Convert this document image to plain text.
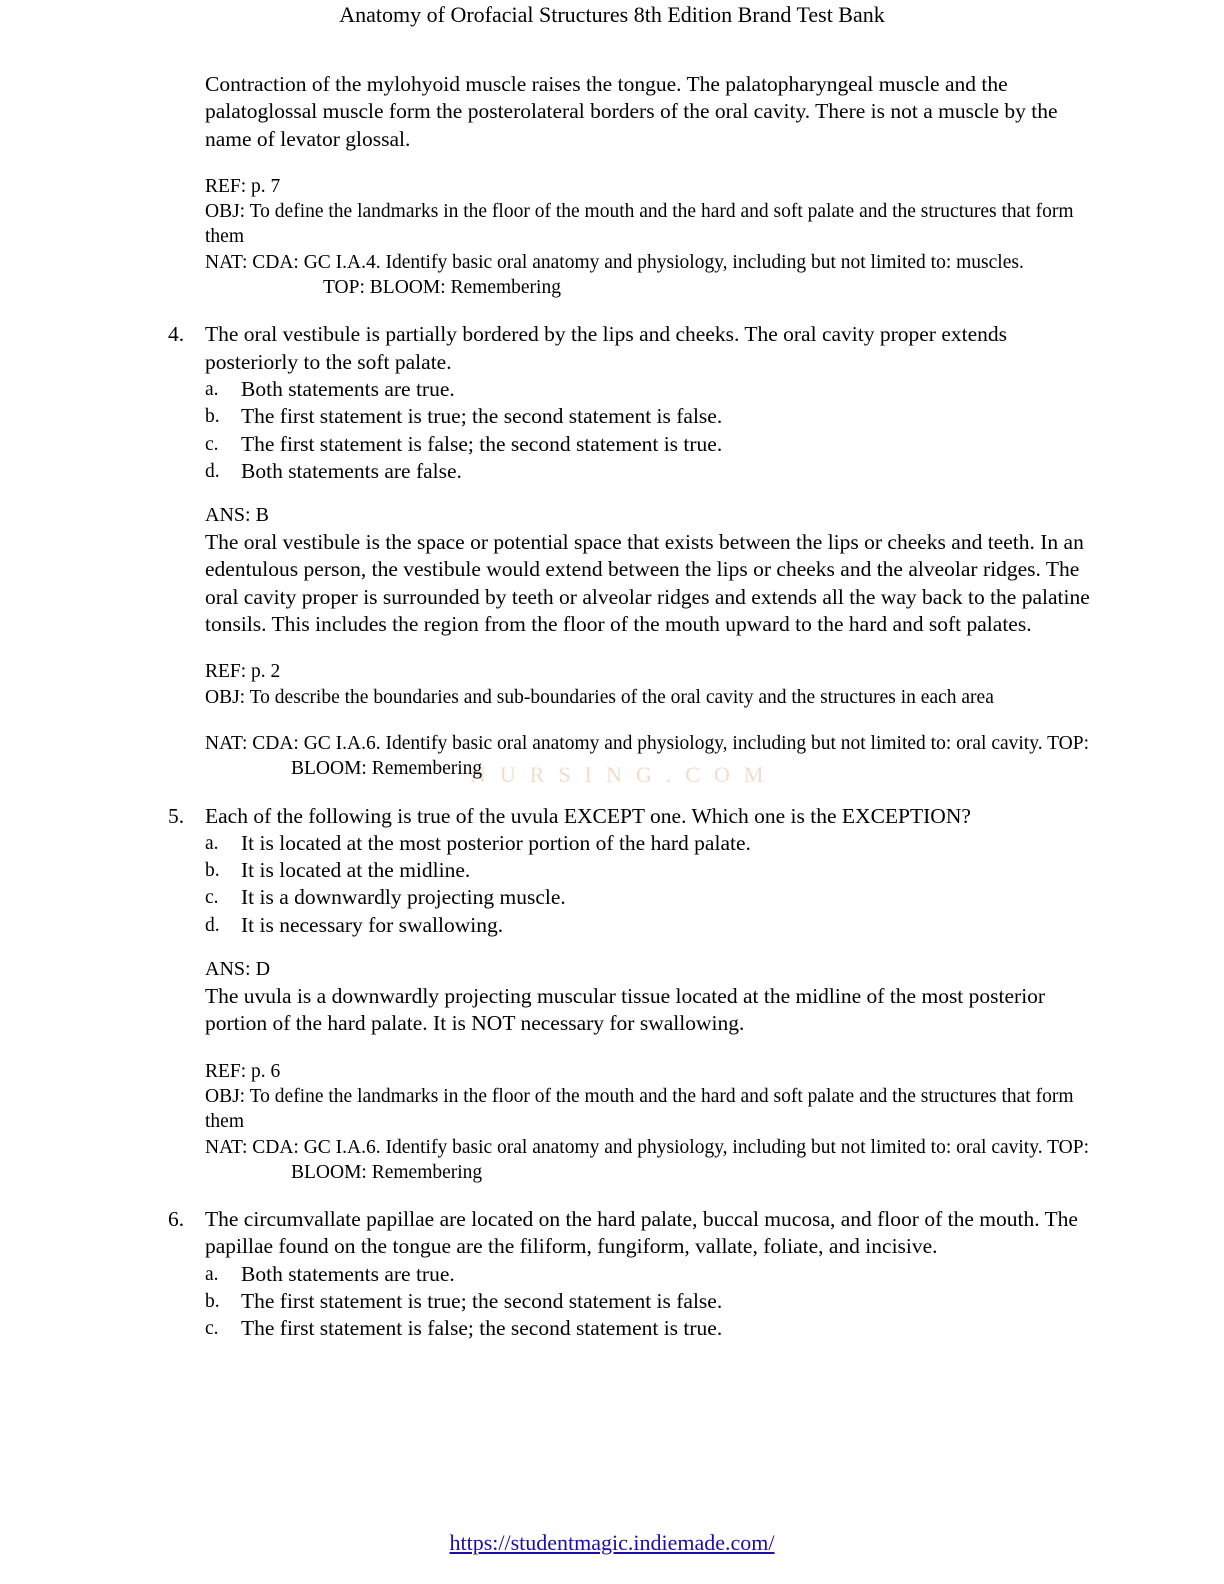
Anatomy of Orofacial Structures 8th Edition Brand Test Bank
NURSING.COM

Contraction of the mylohyoid muscle raises the tongue. The palatopharyngeal muscle and the palatoglossal muscle form the posterolateral borders of the oral cavity. There is not a muscle by the name of levator glossal.

REF: p. 7

OBJ: To define the landmarks in the floor of the mouth and the hard and soft palate and the structures that form them

NAT: CDA: GC I.A.4. Identify basic oral anatomy and physiology, including but not limited to: muscles.TOP: BLOOM: Remembering

4. The oral vestibule is partially bordered by the lips and cheeks. The oral cavity proper extends posteriorly to the soft palate.

a. Both statements are true.
b. The first statement is true; the second statement is false.
c. The first statement is false; the second statement is true.
d. Both statements are false.

ANS: B

The oral vestibule is the space or potential space that exists between the lips or cheeks and teeth. In an edentulous person, the vestibule would extend between the lips or cheeks and the alveolar ridges. The oral cavity proper is surrounded by teeth or alveolar ridges and extends all the way back to the palatine tonsils. This includes the region from the floor of the mouth upward to the hard and soft palates.

REF: p. 2

OBJ: To describe the boundaries and sub-boundaries of the oral cavity and the structures in each area

NAT: CDA: GC I.A.6. Identify basic oral anatomy and physiology, including but not limited to: oral cavity. TOP:BLOOM: Remembering

5. Each of the following is true of the uvula EXCEPT one. Which one is the EXCEPTION?

a. It is located at the most posterior portion of the hard palate.
b. It is located at the midline.
c. It is a downwardly projecting muscle.
d. It is necessary for swallowing.

ANS: D

The uvula is a downwardly projecting muscular tissue located at the midline of the most posterior portion of the hard palate. It is NOT necessary for swallowing.

REF: p. 6

OBJ: To define the landmarks in the floor of the mouth and the hard and soft palate and the structures that form them

NAT: CDA: GC I.A.6. Identify basic oral anatomy and physiology, including but not limited to: oral cavity. TOP:BLOOM: Remembering

6. The circumvallate papillae are located on the hard palate, buccal mucosa, and floor of the mouth. The papillae found on the tongue are the filiform, fungiform, vallate, foliate, and incisive.

a. Both statements are true.
b. The first statement is true; the second statement is false.
c. The first statement is false; the second statement is true.
https://studentmagic.indiemade.com/
